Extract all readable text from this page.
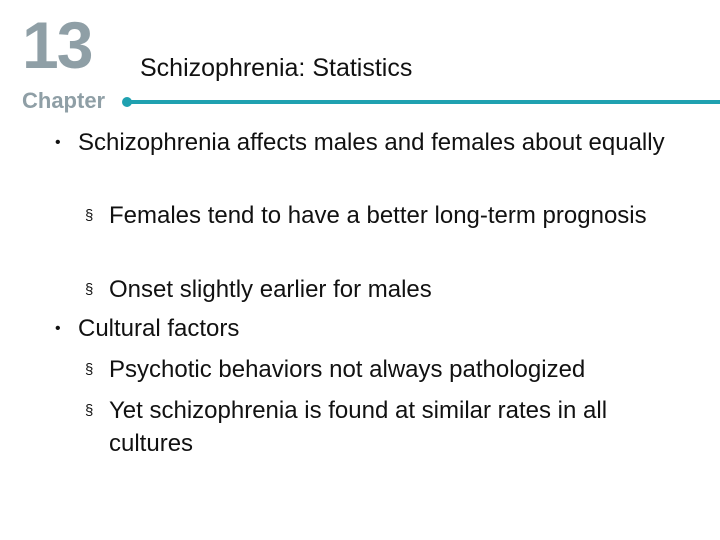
13
Chapter
Schizophrenia: Statistics
• Schizophrenia affects males and females about equally
§ Females tend to have a better long-term prognosis
§ Onset slightly earlier for males
• Cultural factors
§ Psychotic behaviors not always pathologized
§ Yet schizophrenia is found at similar rates in all cultures
